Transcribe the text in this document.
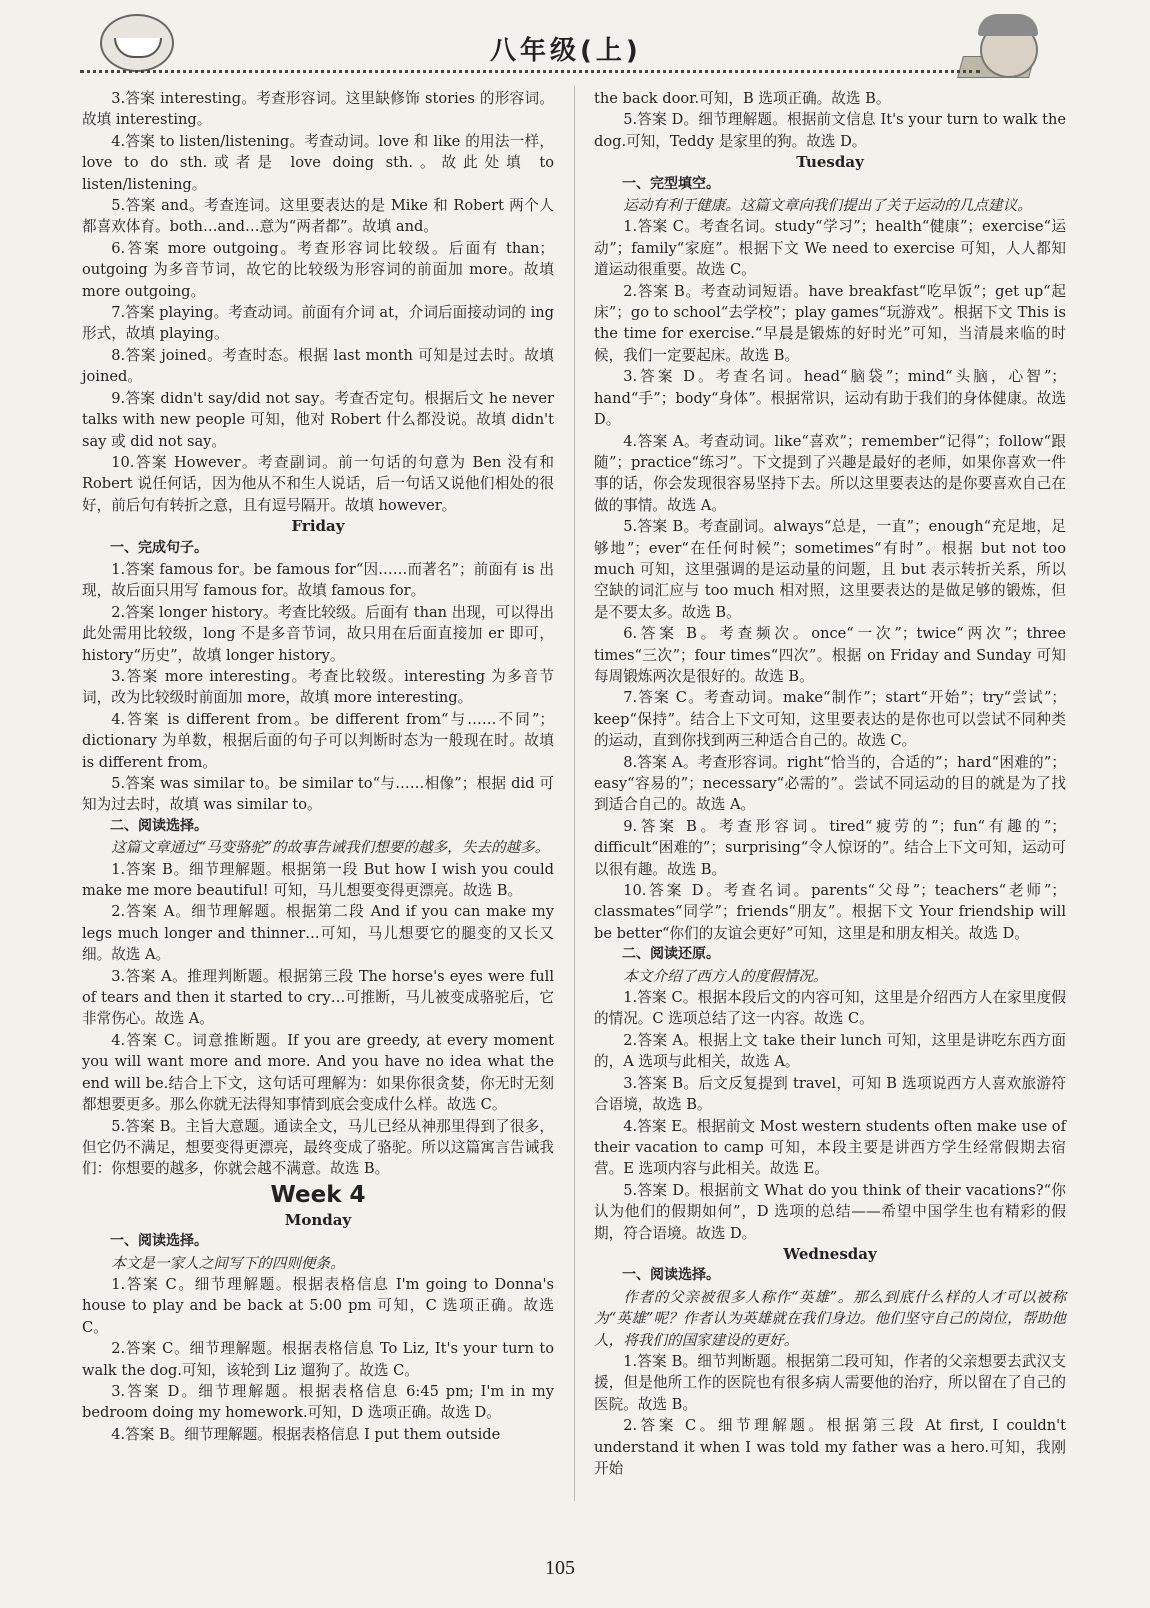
八年级(上)

3.答案 interesting。考查形容词。这里缺修饰 stories 的形容词。故填 interesting。

4.答案 to listen/listening。考查动词。love 和 like 的用法一样，love to do sth.或者是 love doing sth.。故此处填 to listen/listening。

5.答案 and。考查连词。这里要表达的是 Mike 和 Robert 两个人都喜欢体育。both…and…意为“两者都”。故填 and。

6.答案 more outgoing。考查形容词比较级。后面有 than；outgoing 为多音节词，故它的比较级为形容词的前面加 more。故填 more outgoing。

7.答案 playing。考查动词。前面有介词 at，介词后面接动词的 ing 形式，故填 playing。

8.答案 joined。考查时态。根据 last month 可知是过去时。故填 joined。

9.答案 didn't say/did not say。考查否定句。根据后文 he never talks with new people 可知，他对 Robert 什么都没说。故填 didn't say 或 did not say。

10.答案 However。考查副词。前一句话的句意为 Ben 没有和 Robert 说任何话，因为他从不和生人说话，后一句话又说他们相处的很好，前后句有转折之意，且有逗号隔开。故填 however。

Friday

一、完成句子。

1.答案 famous for。be famous for“因……而著名”；前面有 is 出现，故后面只用写 famous for。故填 famous for。

2.答案 longer history。考查比较级。后面有 than 出现，可以得出此处需用比较级，long 不是多音节词，故只用在后面直接加 er 即可，history“历史”，故填 longer history。

3.答案 more interesting。考查比较级。interesting 为多音节词，改为比较级时前面加 more，故填 more interesting。

4.答案 is different from。be different from“与……不同”；dictionary 为单数，根据后面的句子可以判断时态为一般现在时。故填 is different from。

5.答案 was similar to。be similar to“与……相像”；根据 did 可知为过去时，故填 was similar to。

二、阅读选择。

这篇文章通过“马变骆驼”的故事告诫我们想要的越多，失去的越多。

1.答案 B。细节理解题。根据第一段 But how I wish you could make me more beautiful! 可知，马儿想要变得更漂亮。故选 B。

2.答案 A。细节理解题。根据第二段 And if you can make my legs much longer and thinner…可知，马儿想要它的腿变的又长又细。故选 A。

3.答案 A。推理判断题。根据第三段 The horse's eyes were full of tears and then it started to cry…可推断，马儿被变成骆驼后，它非常伤心。故选 A。

4.答案 C。词意推断题。If you are greedy, at every moment you will want more and more. And you have no idea what the end will be.结合上下文，这句话可理解为：如果你很贪婪，你无时无刻都想要更多。那么你就无法得知事情到底会变成什么样。故选 C。

5.答案 B。主旨大意题。通读全文，马儿已经从神那里得到了很多，但它仍不满足，想要变得更漂亮，最终变成了骆驼。所以这篇寓言告诫我们：你想要的越多，你就会越不满意。故选 B。

Week 4

Monday

一、阅读选择。

本文是一家人之间写下的四则便条。

1.答案 C。细节理解题。根据表格信息 I'm going to Donna's house to play and be back at 5:00 pm 可知，C 选项正确。故选 C。

2.答案 C。细节理解题。根据表格信息 To Liz, It's your turn to walk the dog.可知，该轮到 Liz 遛狗了。故选 C。

3.答案 D。细节理解题。根据表格信息 6:45 pm; I'm in my bedroom doing my homework.可知，D 选项正确。故选 D。

4.答案 B。细节理解题。根据表格信息 I put them outside

the back door.可知，B 选项正确。故选 B。

5.答案 D。细节理解题。根据前文信息 It's your turn to walk the dog.可知，Teddy 是家里的狗。故选 D。

Tuesday

一、完型填空。

运动有利于健康。这篇文章向我们提出了关于运动的几点建议。

1.答案 C。考查名词。study“学习”；health“健康”；exercise“运动”；family“家庭”。根据下文 We need to exercise 可知，人人都知道运动很重要。故选 C。

2.答案 B。考查动词短语。have breakfast“吃早饭”；get up“起床”；go to school“去学校”；play games“玩游戏”。根据下文 This is the time for exercise.“早晨是锻炼的好时光”可知，当清晨来临的时候，我们一定要起床。故选 B。

3.答案 D。考查名词。head“脑袋”；mind“头脑，心智”；hand“手”；body“身体”。根据常识，运动有助于我们的身体健康。故选 D。

4.答案 A。考查动词。like“喜欢”；remember“记得”；follow“跟随”；practice“练习”。下文提到了兴趣是最好的老师，如果你喜欢一件事的话，你会发现很容易坚持下去。所以这里要表达的是你要喜欢自己在做的事情。故选 A。

5.答案 B。考查副词。always“总是，一直”；enough“充足地，足够地”；ever“在任何时候”；sometimes“有时”。根据 but not too much 可知，这里强调的是运动量的问题，且 but 表示转折关系，所以空缺的词汇应与 too much 相对照，这里要表达的是做足够的锻炼，但是不要太多。故选 B。

6.答案 B。考查频次。once“一次”；twice“两次”；three times“三次”；four times“四次”。根据 on Friday and Sunday 可知每周锻炼两次是很好的。故选 B。

7.答案 C。考查动词。make“制作”；start“开始”；try“尝试”；keep“保持”。结合上下文可知，这里要表达的是你也可以尝试不同种类的运动，直到你找到两三种适合自己的。故选 C。

8.答案 A。考查形容词。right“恰当的，合适的”；hard“困难的”；easy“容易的”；necessary“必需的”。尝试不同运动的目的就是为了找到适合自己的。故选 A。

9.答案 B。考查形容词。tired“疲劳的”；fun“有趣的”；difficult“困难的”；surprising“令人惊讶的”。结合上下文可知，运动可以很有趣。故选 B。

10.答案 D。考查名词。parents“父母”；teachers“老师”；classmates“同学”；friends“朋友”。根据下文 Your friendship will be better“你们的友谊会更好”可知，这里是和朋友相关。故选 D。

二、阅读还原。

本文介绍了西方人的度假情况。

1.答案 C。根据本段后文的内容可知，这里是介绍西方人在家里度假的情况。C 选项总结了这一内容。故选 C。

2.答案 A。根据上文 take their lunch 可知，这里是讲吃东西方面的，A 选项与此相关，故选 A。

3.答案 B。后文反复提到 travel，可知 B 选项说西方人喜欢旅游符合语境，故选 B。

4.答案 E。根据前文 Most western students often make use of their vacation to camp 可知，本段主要是讲西方学生经常假期去宿营。E 选项内容与此相关。故选 E。

5.答案 D。根据前文 What do you think of their vacations?“你认为他们的假期如何”，D 选项的总结——希望中国学生也有精彩的假期，符合语境。故选 D。

Wednesday

一、阅读选择。

作者的父亲被很多人称作“英雄”。那么到底什么样的人才可以被称为“英雄”呢？作者认为英雄就在我们身边。他们坚守自己的岗位，帮助他人，将我们的国家建设的更好。

1.答案 B。细节判断题。根据第二段可知，作者的父亲想要去武汉支援，但是他所工作的医院也有很多病人需要他的治疗，所以留在了自己的医院。故选 B。

2.答案 C。细节理解题。根据第三段 At first, I couldn't understand it when I was told my father was a hero.可知，我刚开始

105
